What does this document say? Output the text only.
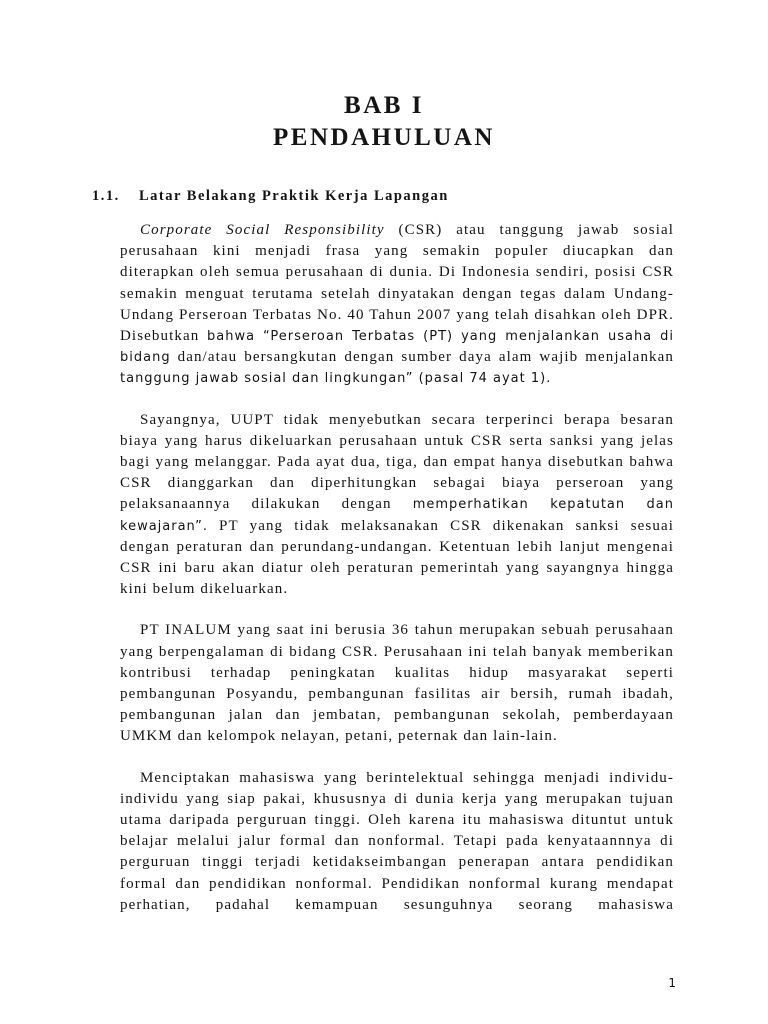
BAB I
PENDAHULUAN
1.1. Latar Belakang Praktik Kerja Lapangan

Corporate Social Responsibility (CSR) atau tanggung jawab sosial perusahaan kini menjadi frasa yang semakin populer diucapkan dan diterapkan oleh semua perusahaan di dunia. Di Indonesia sendiri, posisi CSR semakin menguat terutama setelah dinyatakan dengan tegas dalam Undang-Undang Perseroan Terbatas No. 40 Tahun 2007 yang telah disahkan oleh DPR. Disebutkan bahwa “Perseroan Terbatas (PT) yang menjalankan usaha di bidang dan/atau bersangkutan dengan sumber daya alam wajib menjalankan tanggung jawab sosial dan lingkungan” (pasal 74 ayat 1).

Sayangnya, UUPT tidak menyebutkan secara terperinci berapa besaran biaya yang harus dikeluarkan perusahaan untuk CSR serta sanksi yang jelas bagi yang melanggar. Pada ayat dua, tiga, dan empat hanya disebutkan bahwa CSR dianggarkan dan diperhitungkan sebagai biaya perseroan yang pelaksanaannya dilakukan dengan memperhatikan kepatutan dan kewajaran”. PT yang tidak melaksanakan CSR dikenakan sanksi sesuai dengan peraturan dan perundang-undangan. Ketentuan lebih lanjut mengenai CSR ini baru akan diatur oleh peraturan pemerintah yang sayangnya hingga kini belum dikeluarkan.

PT INALUM yang saat ini berusia 36 tahun merupakan sebuah perusahaan yang berpengalaman di bidang CSR. Perusahaan ini telah banyak memberikan kontribusi terhadap peningkatan kualitas hidup masyarakat seperti pembangunan Posyandu, pembangunan fasilitas air bersih, rumah ibadah, pembangunan jalan dan jembatan, pembangunan sekolah, pemberdayaan UMKM dan kelompok nelayan, petani, peternak dan lain-lain.

Menciptakan mahasiswa yang berintelektual sehingga menjadi individu-individu yang siap pakai, khususnya di dunia kerja yang merupakan tujuan utama daripada perguruan tinggi. Oleh karena itu mahasiswa dituntut untuk belajar melalui jalur formal dan nonformal. Tetapi pada kenyataannnya di perguruan tinggi terjadi ketidakseimbangan penerapan antara pendidikan formal dan pendidikan nonformal. Pendidikan nonformal kurang mendapat perhatian, padahal kemampuan sesunguhnya seorang mahasiswa

1
